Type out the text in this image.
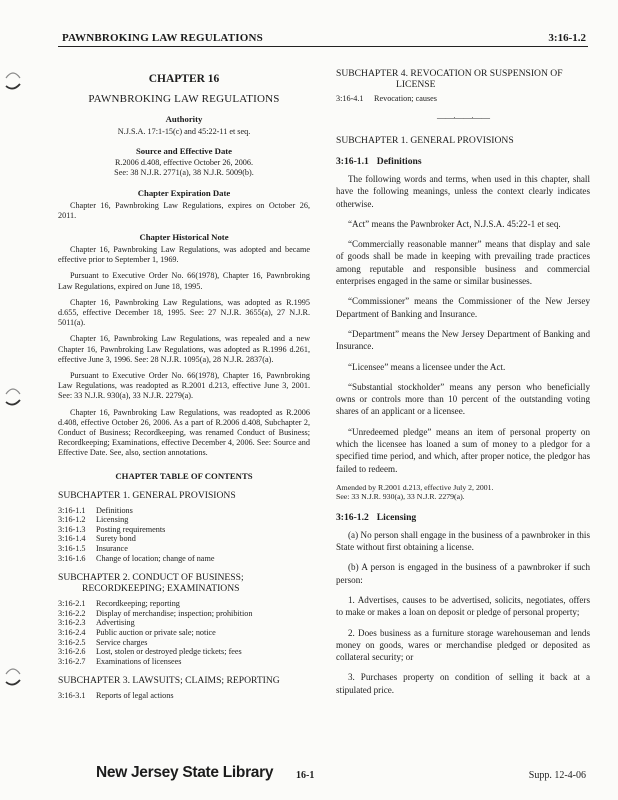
PAWNBROKING LAW REGULATIONS	3:16-1.2
CHAPTER 16
PAWNBROKING LAW REGULATIONS
Authority
N.J.S.A. 17:1-15(c) and 45:22-11 et seq.
Source and Effective Date
R.2006 d.408, effective October 26, 2006.
See: 38 N.J.R. 2771(a), 38 N.J.R. 5009(b).
Chapter Expiration Date
Chapter 16, Pawnbroking Law Regulations, expires on October 26, 2011.
Chapter Historical Note
Chapter 16, Pawnbroking Law Regulations, was adopted and became effective prior to September 1, 1969.
Pursuant to Executive Order No. 66(1978), Chapter 16, Pawnbroking Law Regulations, expired on June 18, 1995.
Chapter 16, Pawnbroking Law Regulations, was adopted as R.1995 d.655, effective December 18, 1995. See: 27 N.J.R. 3655(a), 27 N.J.R. 5011(a).
Chapter 16, Pawnbroking Law Regulations, was repealed and a new Chapter 16, Pawnbroking Law Regulations, was adopted as R.1996 d.261, effective June 3, 1996. See: 28 N.J.R. 1095(a), 28 N.J.R. 2837(a).
Pursuant to Executive Order No. 66(1978), Chapter 16, Pawnbroking Law Regulations, was readopted as R.2001 d.213, effective June 3, 2001. See: 33 N.J.R. 930(a), 33 N.J.R. 2279(a).
Chapter 16, Pawnbroking Law Regulations, was readopted as R.2006 d.408, effective October 26, 2006. As a part of R.2006 d.408, Subchapter 2, Conduct of Business; Recordkeeping, was renamed Conduct of Business; Recordkeeping; Examinations, effective December 4, 2006. See: Source and Effective Date. See, also, section annotations.
CHAPTER TABLE OF CONTENTS
SUBCHAPTER 1. GENERAL PROVISIONS
3:16-1.1	Definitions
3:16-1.2	Licensing
3:16-1.3	Posting requirements
3:16-1.4	Surety bond
3:16-1.5	Insurance
3:16-1.6	Change of location; change of name
SUBCHAPTER 2. CONDUCT OF BUSINESS;
RECORDKEEPING; EXAMINATIONS
3:16-2.1	Recordkeeping; reporting
3:16-2.2	Display of merchandise; inspection; prohibition
3:16-2.3	Advertising
3:16-2.4	Public auction or private sale; notice
3:16-2.5	Service charges
3:16-2.6	Lost, stolen or destroyed pledge tickets; fees
3:16-2.7	Examinations of licensees
SUBCHAPTER 3. LAWSUITS; CLAIMS; REPORTING
3:16-3.1	Reports of legal actions
SUBCHAPTER 4. REVOCATION OR SUSPENSION OF
LICENSE
3:16-4.1 Revocation; causes
——·——·——
SUBCHAPTER 1. GENERAL PROVISIONS
3:16-1.1 Definitions
The following words and terms, when used in this chapter, shall have the following meanings, unless the context clearly indicates otherwise.
“Act” means the Pawnbroker Act, N.J.S.A. 45:22-1 et seq.
“Commercially reasonable manner” means that display and sale of goods shall be made in keeping with prevailing trade practices among reputable and responsible business and commercial enterprises engaged in the same or similar businesses.
“Commissioner” means the Commissioner of the New Jersey Department of Banking and Insurance.
“Department” means the New Jersey Department of Banking and Insurance.
“Licensee” means a licensee under the Act.
“Substantial stockholder” means any person who beneficially owns or controls more than 10 percent of the outstanding voting shares of an applicant or a licensee.
“Unredeemed pledge” means an item of personal property on which the licensee has loaned a sum of money to a pledgor for a specified time period, and which, after proper notice, the pledgor has failed to redeem.
Amended by R.2001 d.213, effective July 2, 2001.
See: 33 N.J.R. 930(a), 33 N.J.R. 2279(a).
3:16-1.2 Licensing
(a) No person shall engage in the business of a pawnbroker in this State without first obtaining a license.
(b) A person is engaged in the business of a pawnbroker if such person:
1. Advertises, causes to be advertised, solicits, negotiates, offers to make or makes a loan on deposit or pledge of personal property;
2. Does business as a furniture storage warehouseman and lends money on goods, wares or merchandise pledged or deposited as collateral security; or
3. Purchases property on condition of selling it back at a stipulated price.
New Jersey State Library 16-1	Supp. 12-4-06
